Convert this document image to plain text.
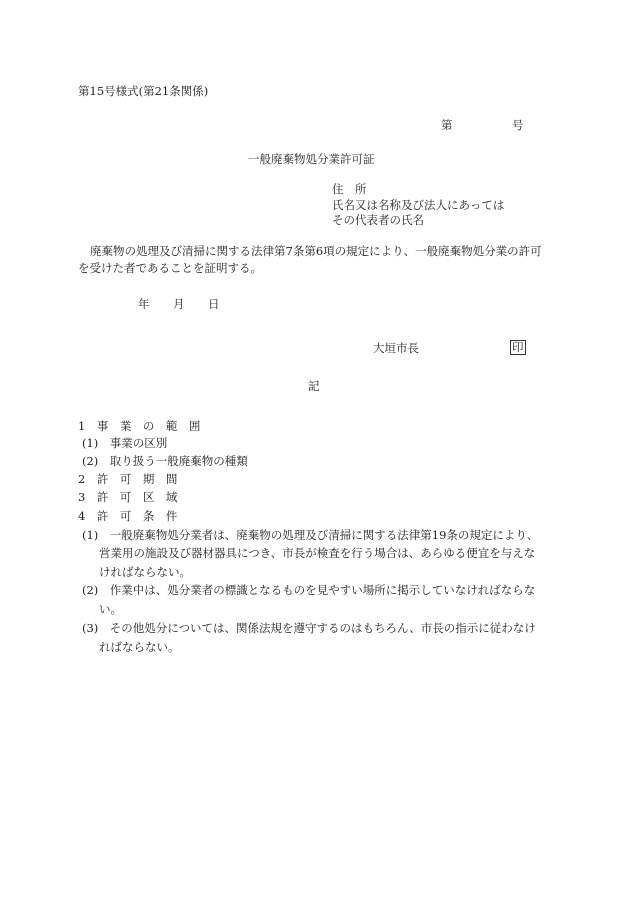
第15号様式(第21条関係)
第	号
一般廃棄物処分業許可証
住　所
氏名又は名称及び法人にあっては
その代表者の氏名
廃棄物の処理及び清掃に関する法律第7条第6項の規定により、一般廃棄物処分業の許可
を受けた者であることを証明する。
年 月 日
大垣市長	印
記
1　事　業　の　範　囲
(1)　事業の区別
(2)　取り扱う一般廃棄物の種類
2　許　可　期　間
3　許　可　区　域
4　許　可　条　件
(1)　一般廃棄物処分業者は、廃棄物の処理及び清掃に関する法律第19条の規定により、
営業用の施設及び器材器具につき、市長が検査を行う場合は、あらゆる便宜を与えな
ければならない。
(2)　作業中は、処分業者の標識となるものを見やすい場所に掲示していなければならな
い。
(3)　その他処分については、関係法規を遵守するのはもちろん、市長の指示に従わなけ
ればならない。
